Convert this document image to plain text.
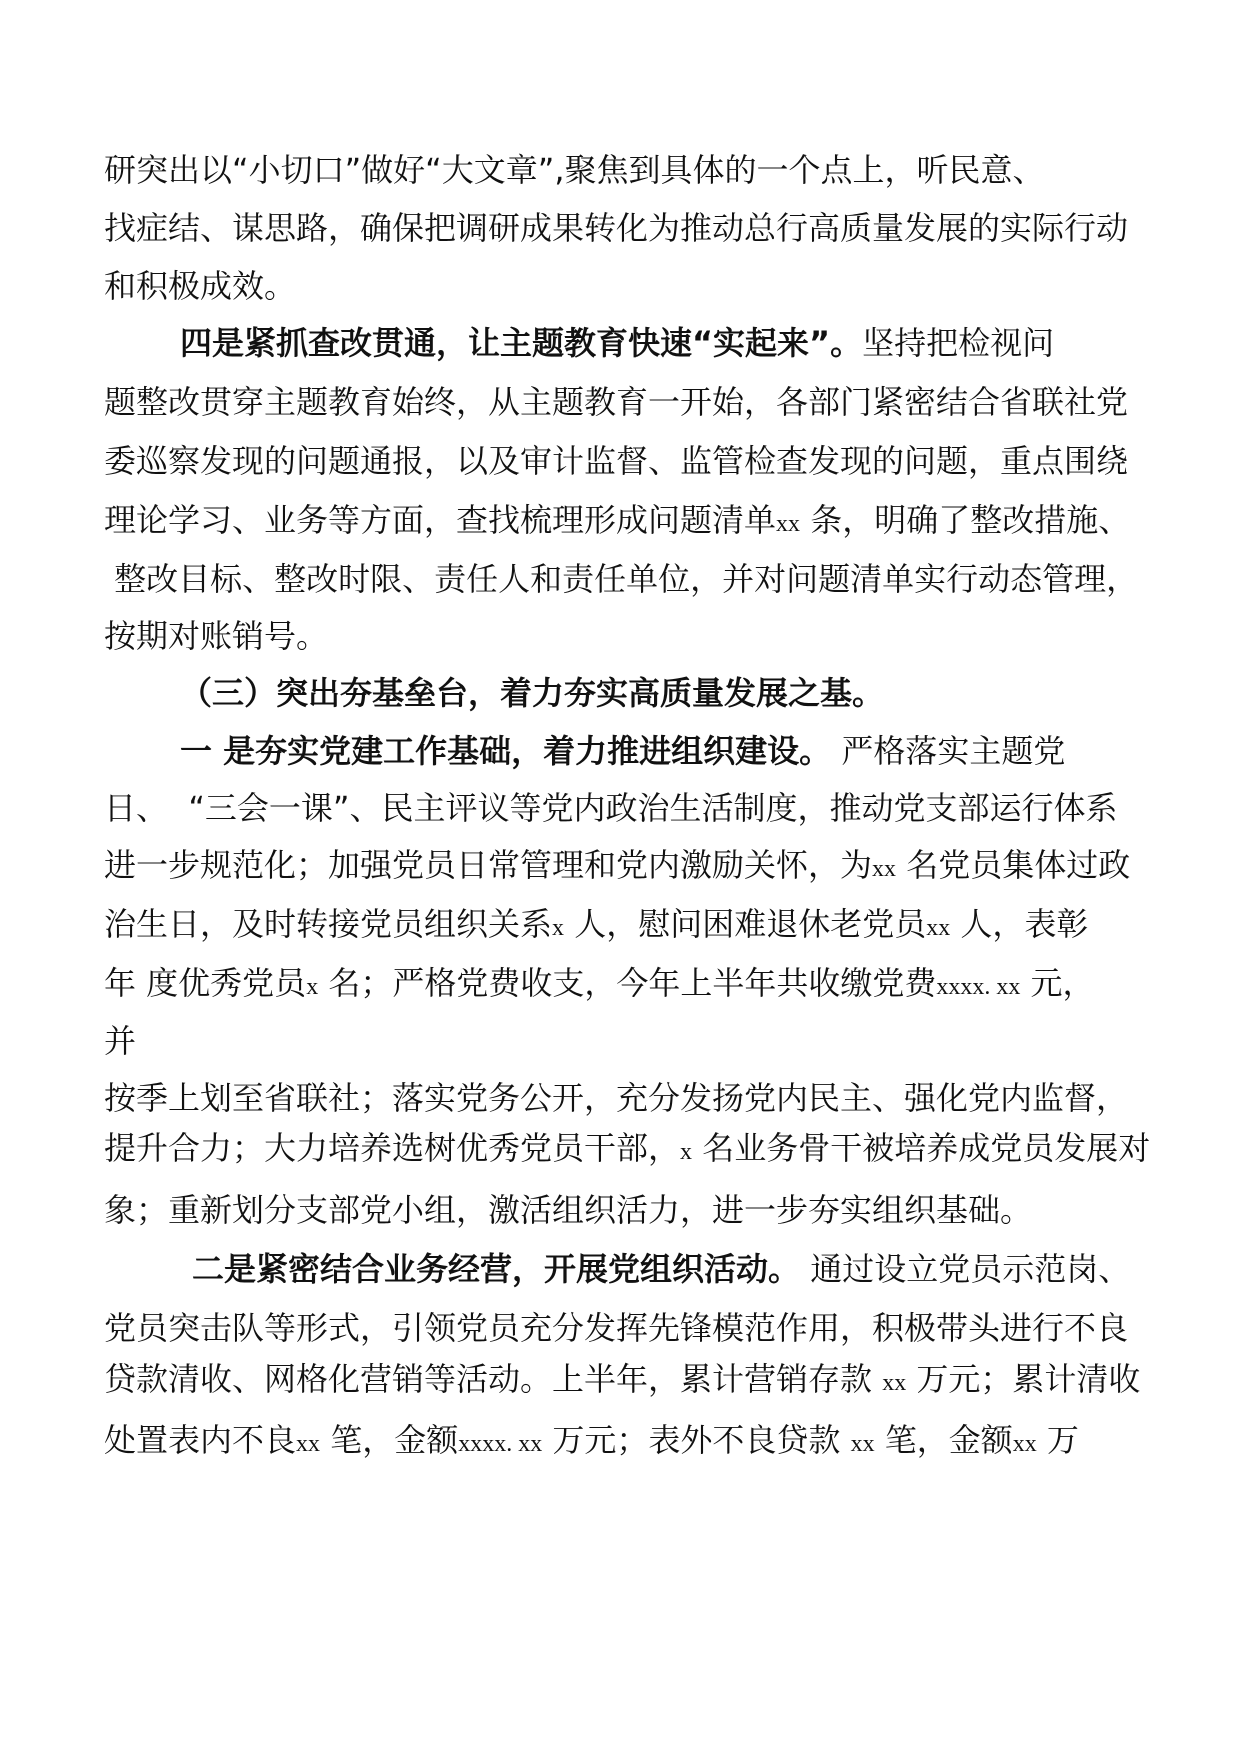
研突出以“小切口”做好“大文章”,聚焦到具体的一个点上，听民意、
找症结、谋思路，确保把调研成果转化为推动总行高质量发展的实际行动
和积极成效。
四是紧抓查改贯通，让主题教育快速“实起来”。坚持把检视问
题整改贯穿主题教育始终，从主题教育一开始，各部门紧密结合省联社党
委巡察发现的问题通报，以及审计监督、监管检查发现的问题，重点围绕
理论学习、业务等方面，查找梳理形成问题清单xx 条，明确了整改措施、
整改目标、整改时限、责任人和责任单位，并对问题清单实行动态管理，
按期对账销号。
（三）突出夯基垒台，着力夯实高质量发展之基。
一 是夯实党建工作基础，着力推进组织建设。 严格落实主题党
日、  “三会一课”、民主评议等党内政治生活制度，推动党支部运行体系
进一步规范化；加强党员日常管理和党内激励关怀，为xx 名党员集体过政
治生日，及时转接党员组织关系x 人，慰问困难退休老党员xx 人，表彰
年 度优秀党员x 名；严格党费收支，今年上半年共收缴党费xxxx. xx 元，
并
按季上划至省联社；落实党务公开，充分发扬党内民主、强化党内监督，
提升合力；大力培养选树优秀党员干部，x 名业务骨干被培养成党员发展对
象；重新划分支部党小组，激活组织活力，进一步夯实组织基础。
二是紧密结合业务经营，开展党组织活动。 通过设立党员示范岗、
党员突击队等形式，引领党员充分发挥先锋模范作用，积极带头进行不良
贷款清收、网格化营销等活动。上半年，累计营销存款 xx 万元；累计清收
处置表内不良xx 笔，金额xxxx. xx 万元；表外不良贷款 xx 笔，金额xx 万
